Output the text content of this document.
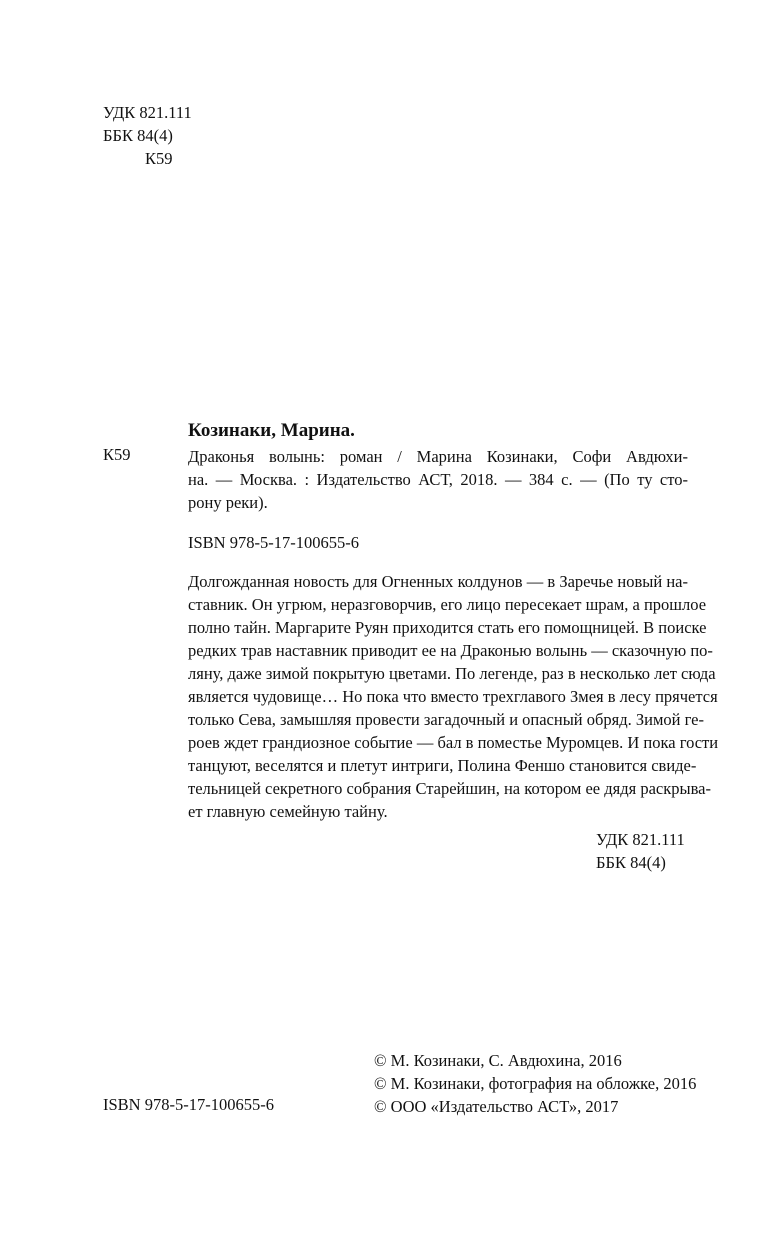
УДК 821.111
ББК 84(4)
К59
К59
Козинаки, Марина.
Драконья волынь: роман / Марина Козинаки, Софи Авдюхи-
на. — Москва. : Издательство АСТ, 2018. — 384 с. — (По ту сто-
рону реки).
ISBN 978-5-17-100655-6
Долгожданная новость для Огненных колдунов — в Заречье новый на-
ставник. Он угрюм, неразговорчив, его лицо пересекает шрам, а прошлое
полно тайн. Маргарите Руян приходится стать его помощницей. В поиске
редких трав наставник приводит ее на Драконью волынь — сказочную по-
ляну, даже зимой покрытую цветами. По легенде, раз в несколько лет сюда
является чудовище… Но пока что вместо трехглавого Змея в лесу прячется
только Сева, замышляя провести загадочный и опасный обряд. Зимой ге-
роев ждет грандиозное событие — бал в поместье Муромцев. И пока гости
танцуют, веселятся и плетут интриги, Полина Феншо становится свиде-
тельницей секретного собрания Старейшин, на котором ее дядя раскрыва-
ет главную семейную тайну.
УДК 821.111
ББК 84(4)
© М. Козинаки, С. Авдюхина, 2016
© М. Козинаки, фотография на обложке, 2016
© ООО «Издательство АСТ», 2017
ISBN 978-5-17-100655-6
